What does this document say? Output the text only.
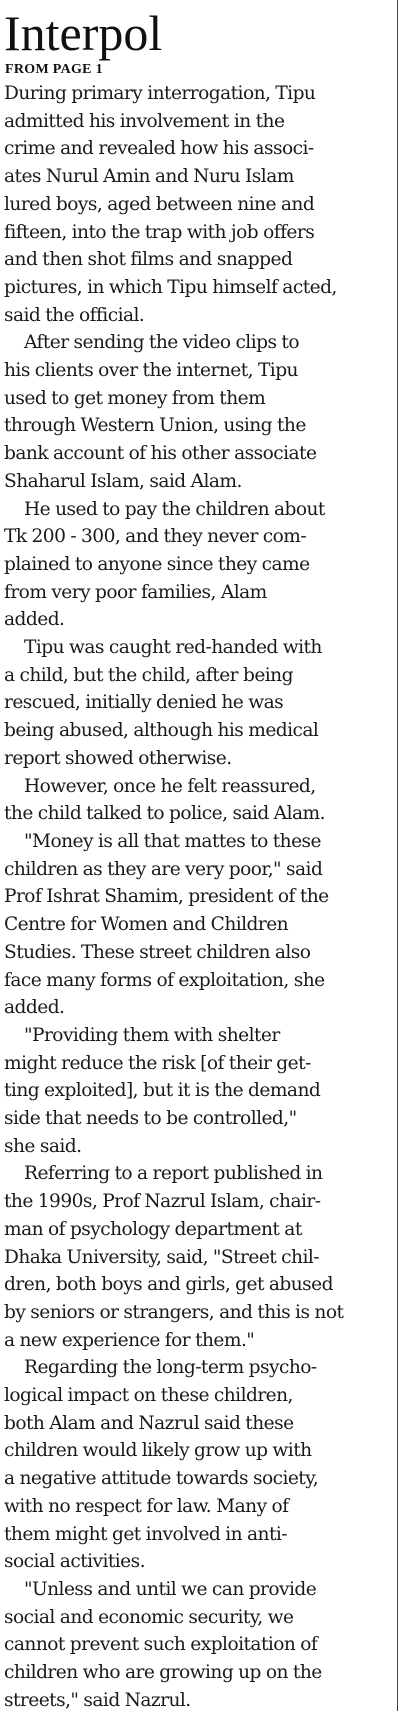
Interpol
FROM PAGE 1

During primary interrogation, Tipu
admitted his involvement in the
crime and revealed how his associ-
ates Nurul Amin and Nuru Islam
lured boys, aged between nine and
fifteen, into the trap with job offers
and then shot films and snapped
pictures, in which Tipu himself acted,
said the official.

After sending the video clips to
his clients over the internet, Tipu
used to get money from them
through Western Union, using the
bank account of his other associate
Shaharul Islam, said Alam.

He used to pay the children about
Tk 200 - 300, and they never com-
plained to anyone since they came
from very poor families, Alam
added.

Tipu was caught red-handed with
a child, but the child, after being
rescued, initially denied he was
being abused, although his medical
report showed otherwise.

However, once he felt reassured,
the child talked to police, said Alam.

"Money is all that mattes to these
children as they are very poor," said
Prof Ishrat Shamim, president of the
Centre for Women and Children
Studies. These street children also
face many forms of exploitation, she
added.

"Providing them with shelter
might reduce the risk [of their get-
ting exploited], but it is the demand
side that needs to be controlled,"
she said.

Referring to a report published in
the 1990s, Prof Nazrul Islam, chair-
man of psychology department at
Dhaka University, said, "Street chil-
dren, both boys and girls, get abused
by seniors or strangers, and this is not
a new experience for them."

Regarding the long-term psycho-
logical impact on these children,
both Alam and Nazrul said these
children would likely grow up with
a negative attitude towards society,
with no respect for law. Many of
them might get involved in anti-
social activities.

"Unless and until we can provide
social and economic security, we
cannot prevent such exploitation of
children who are growing up on the
streets," said Nazrul.
